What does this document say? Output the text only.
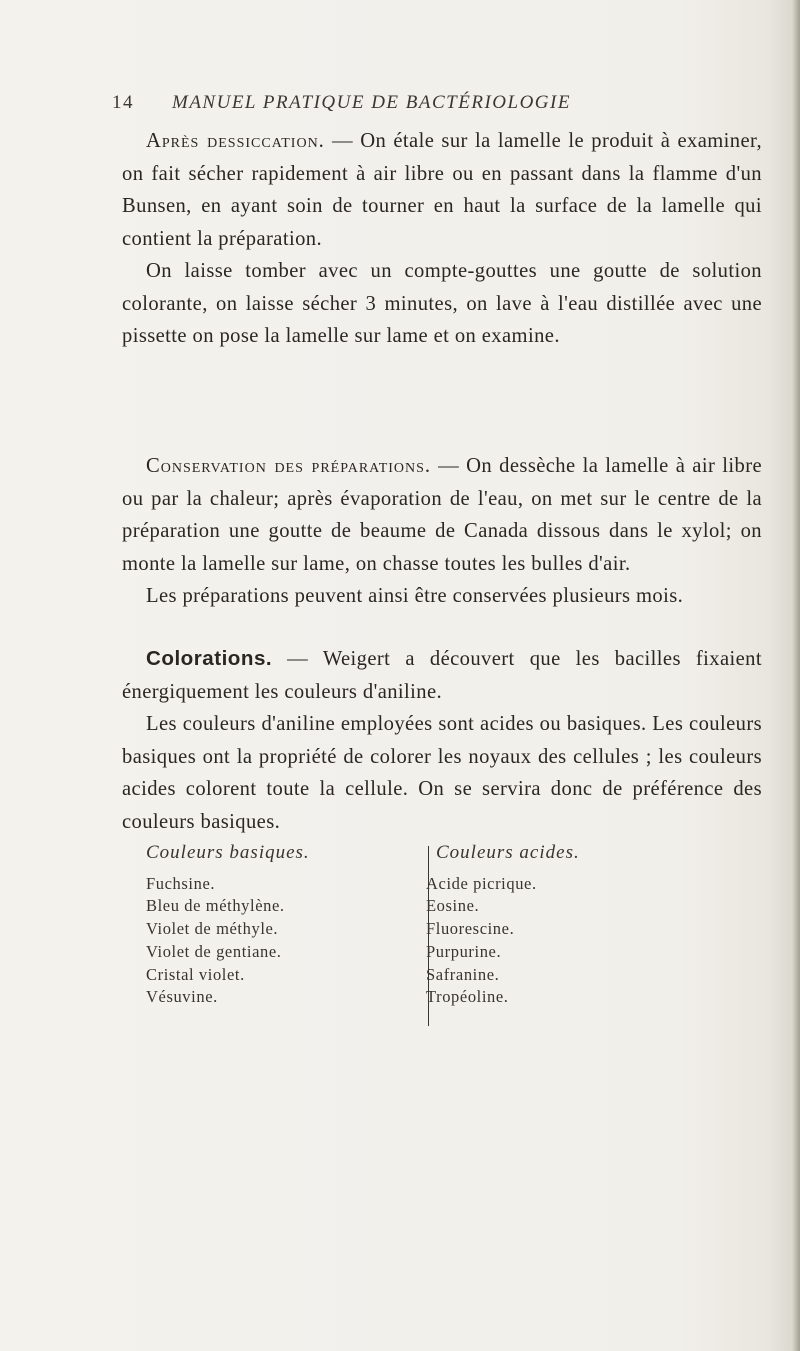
14 MANUEL PRATIQUE DE BACTÉRIOLOGIE

Après dessiccation. — On étale sur la lamelle le produit à examiner, on fait sécher rapidement à air libre ou en passant dans la flamme d'un Bunsen, en ayant soin de tourner en haut la surface de la lamelle qui contient la préparation.

On laisse tomber avec un compte-gouttes une goutte de solution colorante, on laisse sécher 3 minutes, on lave à l'eau distillée avec une pissette on pose la lamelle sur lame et on examine.

Conservation des préparations. — On dessèche la lamelle à air libre ou par la chaleur; après évaporation de l'eau, on met sur le centre de la préparation une goutte de beaume de Canada dissous dans le xylol; on monte la lamelle sur lame, on chasse toutes les bulles d'air.

Les préparations peuvent ainsi être conservées plusieurs mois.

Colorations. — Weigert a découvert que les bacilles fixaient énergiquement les couleurs d'aniline.

Les couleurs d'aniline employées sont acides ou basiques. Les couleurs basiques ont la propriété de colorer les noyaux des cellules ; les couleurs acides colorent toute la cellule. On se servira donc de préférence des couleurs basiques.

Couleurs basiques.
Fuchsine.
Bleu de méthylène.
Violet de méthyle.
Violet de gentiane.
Cristal violet.
Vésuvine.
Couleurs acides.
Acide picrique.
Eosine.
Fluorescine.
Purpurine.
Safranine.
Tropéoline.
